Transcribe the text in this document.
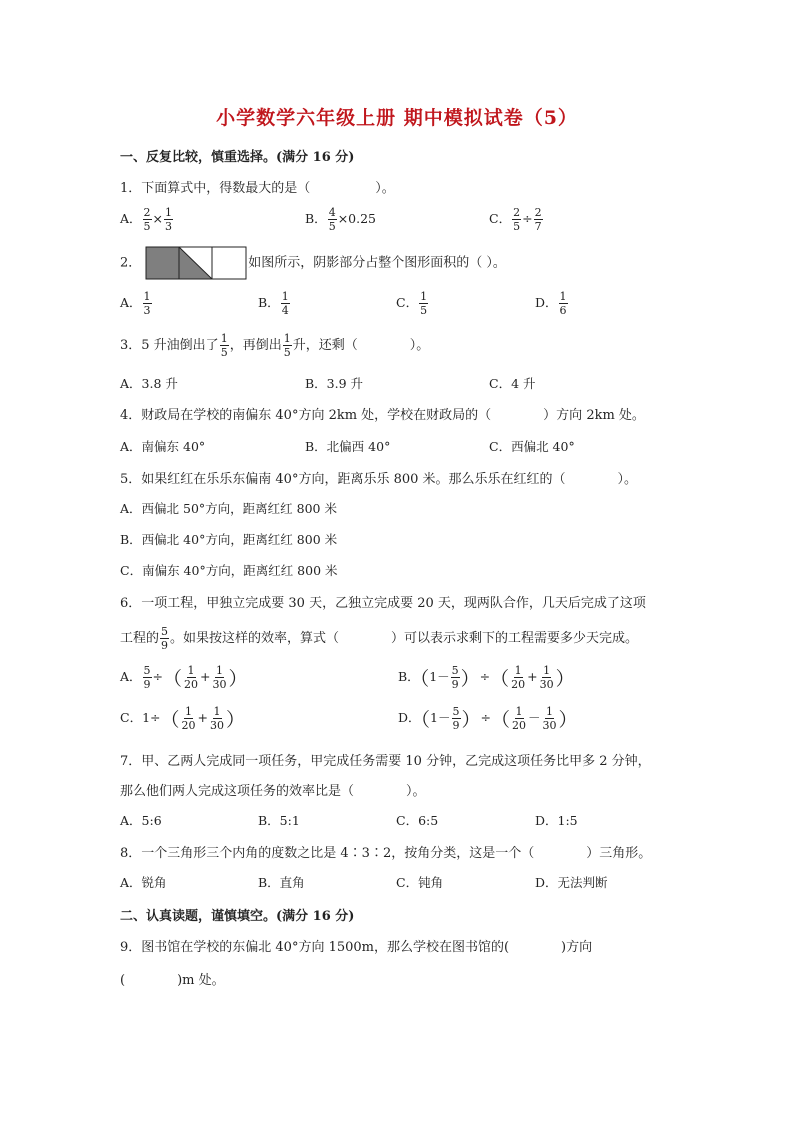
小学数学六年级上册 期中模拟试卷（5）
一、反复比较，慎重选择。(满分 16 分)
1．下面算式中，得数最大的是（　　　　　）。
A． $\frac{2}{5} \times \frac{1}{3}$	B． $\frac{4}{5} \times 0.25$	C． $\frac{2}{5} \div \frac{2}{7}$
2．	如图所示，阴影部分占整个图形面积的（ ）。
A． $\frac{1}{3}$	B． $\frac{1}{4}$	C． $\frac{1}{5}$	D． $\frac{1}{6}$
3．5 升油倒出了 $\frac{1}{5}$ ，再倒出 $\frac{1}{5}$ 升，还剩（　　　　）。
A．3.8 升	B．3.9 升	C．4 升
4．财政局在学校的南偏东 40°方向 2km 处，学校在财政局的（　　　　）方向 2km 处。
A．南偏东 40°	B．北偏西 40°	C．西偏北 40°
5．如果红红在乐乐东偏南 40°方向，距离乐乐 800 米。那么乐乐在红红的（　　　　）。
A．西偏北 50°方向，距离红红 800 米
B．西偏北 40°方向，距离红红 800 米
C．南偏东 40°方向，距离红红 800 米
6．一项工程，甲独立完成要 30 天，乙独立完成要 20 天，现两队合作，几天后完成了这项
工程的 $\frac{5}{9}$ 。如果按这样的效率，算式（　　　　）可以表示求剩下的工程需要多少天完成。
A． $\frac{5}{9}$ ÷（ $\frac{1}{20} + \frac{1}{30}$ ）	B．（$1- \frac{5}{9}$ ）÷（ $\frac{1}{20} + \frac{1}{30}$ ）
C．$1\div( \frac{1}{20} + \frac{1}{30}$ ）	D．（$1- \frac{5}{9}$ ）÷（ $\frac{1}{20} - \frac{1}{30}$ ）
7．甲、乙两人完成同一项任务，甲完成任务需要 10 分钟，乙完成这项任务比甲多 2 分钟，
那么他们两人完成这项任务的效率比是（　　　　）。
A．5:6	B．5:1	C．6:5	D．1:5
8．一个三角形三个内角的度数之比是 4∶3∶2，按角分类，这是一个（　　　　）三角形。
A．锐角	B．直角	C．钝角	D．无法判断
二、认真读题，谨慎填空。(满分 16 分)
9．图书馆在学校的东偏北 40°方向 1500m，那么学校在图书馆的(　　　　)方向
(　　　　)m 处。
